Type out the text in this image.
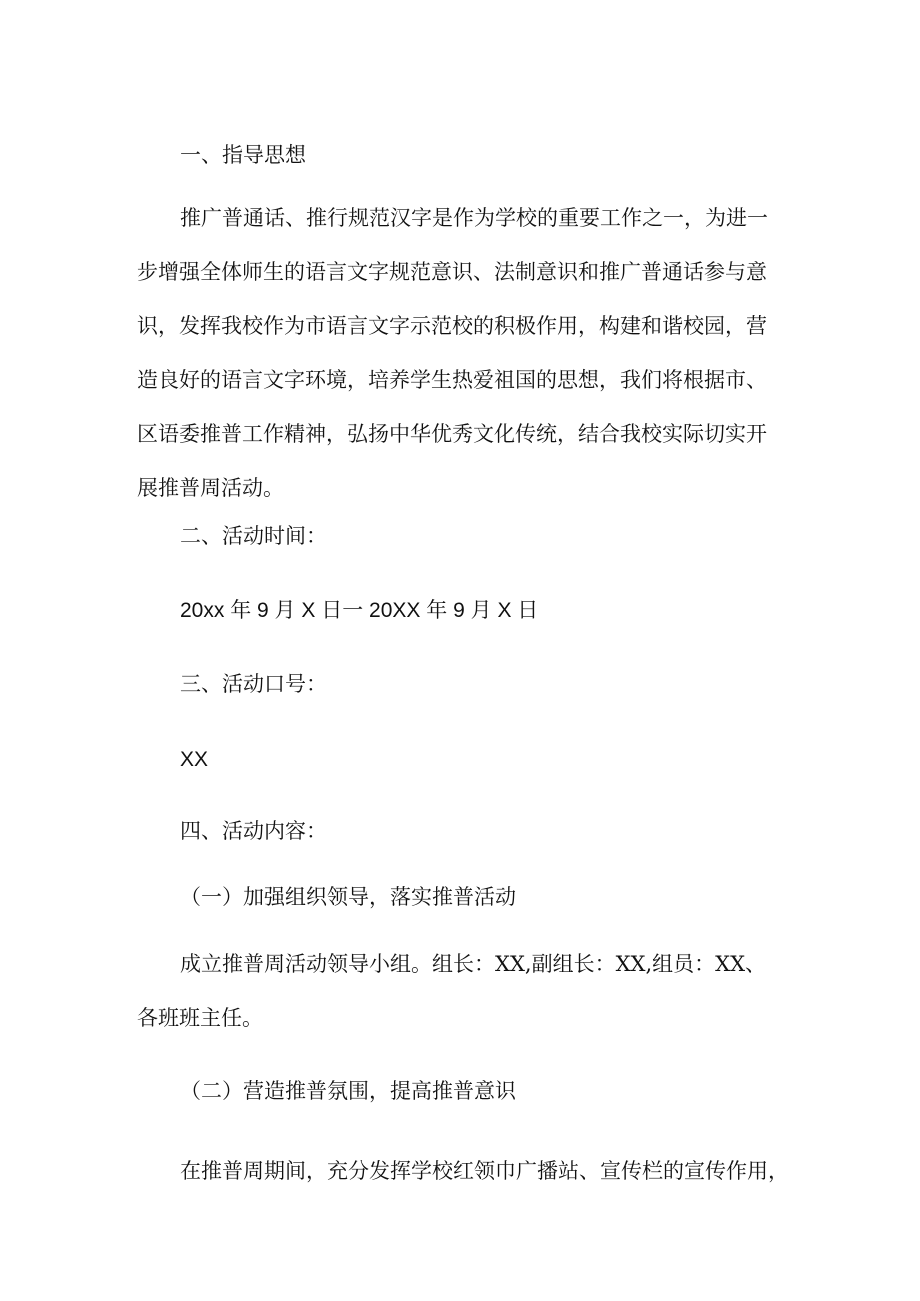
一、指导思想
推广普通话、推行规范汉字是作为学校的重要工作之一，为进一
步增强全体师生的语言文字规范意识、法制意识和推广普通话参与意
识，发挥我校作为市语言文字示范校的积极作用，构建和谐校园，营
造良好的语言文字环境，培养学生热爱祖国的思想，我们将根据市、
区语委推普工作精神，弘扬中华优秀文化传统，结合我校实际切实开
展推普周活动。
二、活动时间：
20xx 年 9 月 X 日一 20XX 年 9 月 X 日
三、活动口号：
XX
四、活动内容：
（一）加强组织领导，落实推普活动
成立推普周活动领导小组。组长：XX,副组长：XX,组员：XX、
各班班主任。
（二）营造推普氛围，提高推普意识
在推普周期间，充分发挥学校红领巾广播站、宣传栏的宣传作用，
